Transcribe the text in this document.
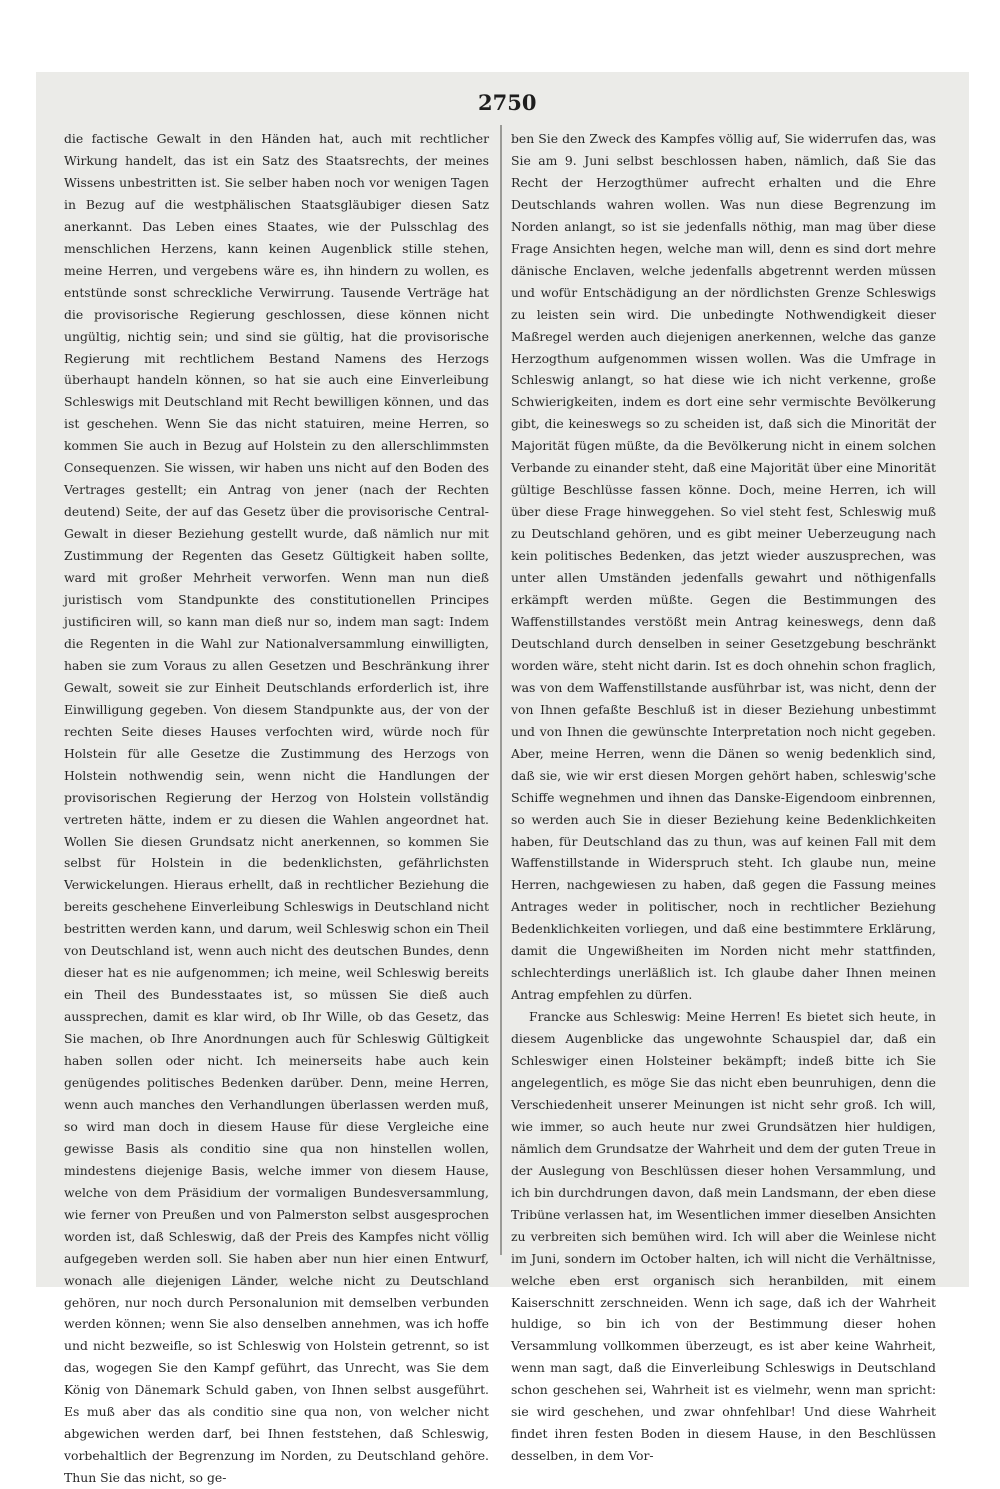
2750

die factische Gewalt in den Händen hat, auch mit rechtlicher Wirkung handelt, das ist ein Satz des Staatsrechts, der meines Wissens unbestritten ist. Sie selber haben noch vor wenigen Tagen in Bezug auf die westphälischen Staatsgläubiger diesen Satz anerkannt. Das Leben eines Staates, wie der Pulsschlag des menschlichen Herzens, kann keinen Augenblick stille stehen, meine Herren, und vergebens wäre es, ihn hindern zu wollen, es entstünde sonst schreckliche Verwirrung. Tausende Verträge hat die provisorische Regierung geschlossen, diese können nicht ungültig, nichtig sein; und sind sie gültig, hat die provisorische Regierung mit rechtlichem Bestand Namens des Herzogs überhaupt handeln können, so hat sie auch eine Einverleibung Schleswigs mit Deutschland mit Recht bewilligen können, und das ist geschehen. Wenn Sie das nicht statuiren, meine Herren, so kommen Sie auch in Bezug auf Holstein zu den allerschlimmsten Consequenzen. Sie wissen, wir haben uns nicht auf den Boden des Vertrages gestellt; ein Antrag von jener (nach der Rechten deutend) Seite, der auf das Gesetz über die provisorische Central-Gewalt in dieser Beziehung gestellt wurde, daß nämlich nur mit Zustimmung der Regenten das Gesetz Gültigkeit haben sollte, ward mit großer Mehrheit verworfen. Wenn man nun dieß juristisch vom Standpunkte des constitutionellen Principes justificiren will, so kann man dieß nur so, indem man sagt: Indem die Regenten in die Wahl zur Nationalversammlung einwilligten, haben sie zum Voraus zu allen Gesetzen und Beschränkung ihrer Gewalt, soweit sie zur Einheit Deutschlands erforderlich ist, ihre Einwilligung gegeben. Von diesem Standpunkte aus, der von der rechten Seite dieses Hauses verfochten wird, würde noch für Holstein für alle Gesetze die Zustimmung des Herzogs von Holstein nothwendig sein, wenn nicht die Handlungen der provisorischen Regierung der Herzog von Holstein vollständig vertreten hätte, indem er zu diesen die Wahlen angeordnet hat. Wollen Sie diesen Grundsatz nicht anerkennen, so kommen Sie selbst für Holstein in die bedenklichsten, gefährlichsten Verwickelungen. Hieraus erhellt, daß in rechtlicher Beziehung die bereits geschehene Einverleibung Schleswigs in Deutschland nicht bestritten werden kann, und darum, weil Schleswig schon ein Theil von Deutschland ist, wenn auch nicht des deutschen Bundes, denn dieser hat es nie aufgenommen; ich meine, weil Schleswig bereits ein Theil des Bundesstaates ist, so müssen Sie dieß auch aussprechen, damit es klar wird, ob Ihr Wille, ob das Gesetz, das Sie machen, ob Ihre Anordnungen auch für Schleswig Gültigkeit haben sollen oder nicht. Ich meinerseits habe auch kein genügendes politisches Bedenken darüber. Denn, meine Herren, wenn auch manches den Verhandlungen überlassen werden muß, so wird man doch in diesem Hause für diese Vergleiche eine gewisse Basis als conditio sine qua non hinstellen wollen, mindestens diejenige Basis, welche immer von diesem Hause, welche von dem Präsidium der vormaligen Bundesversammlung, wie ferner von Preußen und von Palmerston selbst ausgesprochen worden ist, daß Schleswig, daß der Preis des Kampfes nicht völlig aufgegeben werden soll. Sie haben aber nun hier einen Entwurf, wonach alle diejenigen Länder, welche nicht zu Deutschland gehören, nur noch durch Personalunion mit demselben verbunden werden können; wenn Sie also denselben annehmen, was ich hoffe und nicht bezweifle, so ist Schleswig von Holstein getrennt, so ist das, wogegen Sie den Kampf geführt, das Unrecht, was Sie dem König von Dänemark Schuld gaben, von Ihnen selbst ausgeführt. Es muß aber das als conditio sine qua non, von welcher nicht abgewichen werden darf, bei Ihnen feststehen, daß Schleswig, vorbehaltlich der Begrenzung im Norden, zu Deutschland gehöre. Thun Sie das nicht, so ge-

ben Sie den Zweck des Kampfes völlig auf, Sie widerrufen das, was Sie am 9. Juni selbst beschlossen haben, nämlich, daß Sie das Recht der Herzogthümer aufrecht erhalten und die Ehre Deutschlands wahren wollen. Was nun diese Begrenzung im Norden anlangt, so ist sie jedenfalls nöthig, man mag über diese Frage Ansichten hegen, welche man will, denn es sind dort mehre dänische Enclaven, welche jedenfalls abgetrennt werden müssen und wofür Entschädigung an der nördlichsten Grenze Schleswigs zu leisten sein wird. Die unbedingte Nothwendigkeit dieser Maßregel werden auch diejenigen anerkennen, welche das ganze Herzogthum aufgenommen wissen wollen. Was die Umfrage in Schleswig anlangt, so hat diese wie ich nicht verkenne, große Schwierigkeiten, indem es dort eine sehr vermischte Bevölkerung gibt, die keineswegs so zu scheiden ist, daß sich die Minorität der Majorität fügen müßte, da die Bevölkerung nicht in einem solchen Verbande zu einander steht, daß eine Majorität über eine Minorität gültige Beschlüsse fassen könne. Doch, meine Herren, ich will über diese Frage hinweggehen. So viel steht fest, Schleswig muß zu Deutschland gehören, und es gibt meiner Ueberzeugung nach kein politisches Bedenken, das jetzt wieder auszusprechen, was unter allen Umständen jedenfalls gewahrt und nöthigenfalls erkämpft werden müßte. Gegen die Bestimmungen des Waffenstillstandes verstößt mein Antrag keineswegs, denn daß Deutschland durch denselben in seiner Gesetzgebung beschränkt worden wäre, steht nicht darin. Ist es doch ohnehin schon fraglich, was von dem Waffenstillstande ausführbar ist, was nicht, denn der von Ihnen gefaßte Beschluß ist in dieser Beziehung unbestimmt und von Ihnen die gewünschte Interpretation noch nicht gegeben. Aber, meine Herren, wenn die Dänen so wenig bedenklich sind, daß sie, wie wir erst diesen Morgen gehört haben, schleswig'sche Schiffe wegnehmen und ihnen das Danske-Eigendoom einbrennen, so werden auch Sie in dieser Beziehung keine Bedenklichkeiten haben, für Deutschland das zu thun, was auf keinen Fall mit dem Waffenstillstande in Widerspruch steht. Ich glaube nun, meine Herren, nachgewiesen zu haben, daß gegen die Fassung meines Antrages weder in politischer, noch in rechtlicher Beziehung Bedenklichkeiten vorliegen, und daß eine bestimmtere Erklärung, damit die Ungewißheiten im Norden nicht mehr stattfinden, schlechterdings unerläßlich ist. Ich glaube daher Ihnen meinen Antrag empfehlen zu dürfen.

Francke aus Schleswig: Meine Herren! Es bietet sich heute, in diesem Augenblicke das ungewohnte Schauspiel dar, daß ein Schleswiger einen Holsteiner bekämpft; indeß bitte ich Sie angelegentlich, es möge Sie das nicht eben beunruhigen, denn die Verschiedenheit unserer Meinungen ist nicht sehr groß. Ich will, wie immer, so auch heute nur zwei Grundsätzen hier huldigen, nämlich dem Grundsatze der Wahrheit und dem der guten Treue in der Auslegung von Beschlüssen dieser hohen Versammlung, und ich bin durchdrungen davon, daß mein Landsmann, der eben diese Tribüne verlassen hat, im Wesentlichen immer dieselben Ansichten zu verbreiten sich bemühen wird. Ich will aber die Weinlese nicht im Juni, sondern im October halten, ich will nicht die Verhältnisse, welche eben erst organisch sich heranbilden, mit einem Kaiserschnitt zerschneiden. Wenn ich sage, daß ich der Wahrheit huldige, so bin ich von der Bestimmung dieser hohen Versammlung vollkommen überzeugt, es ist aber keine Wahrheit, wenn man sagt, daß die Einverleibung Schleswigs in Deutschland schon geschehen sei, Wahrheit ist es vielmehr, wenn man spricht: sie wird geschehen, und zwar ohnfehlbar! Und diese Wahrheit findet ihren festen Boden in diesem Hause, in den Beschlüssen desselben, in dem Vor-
